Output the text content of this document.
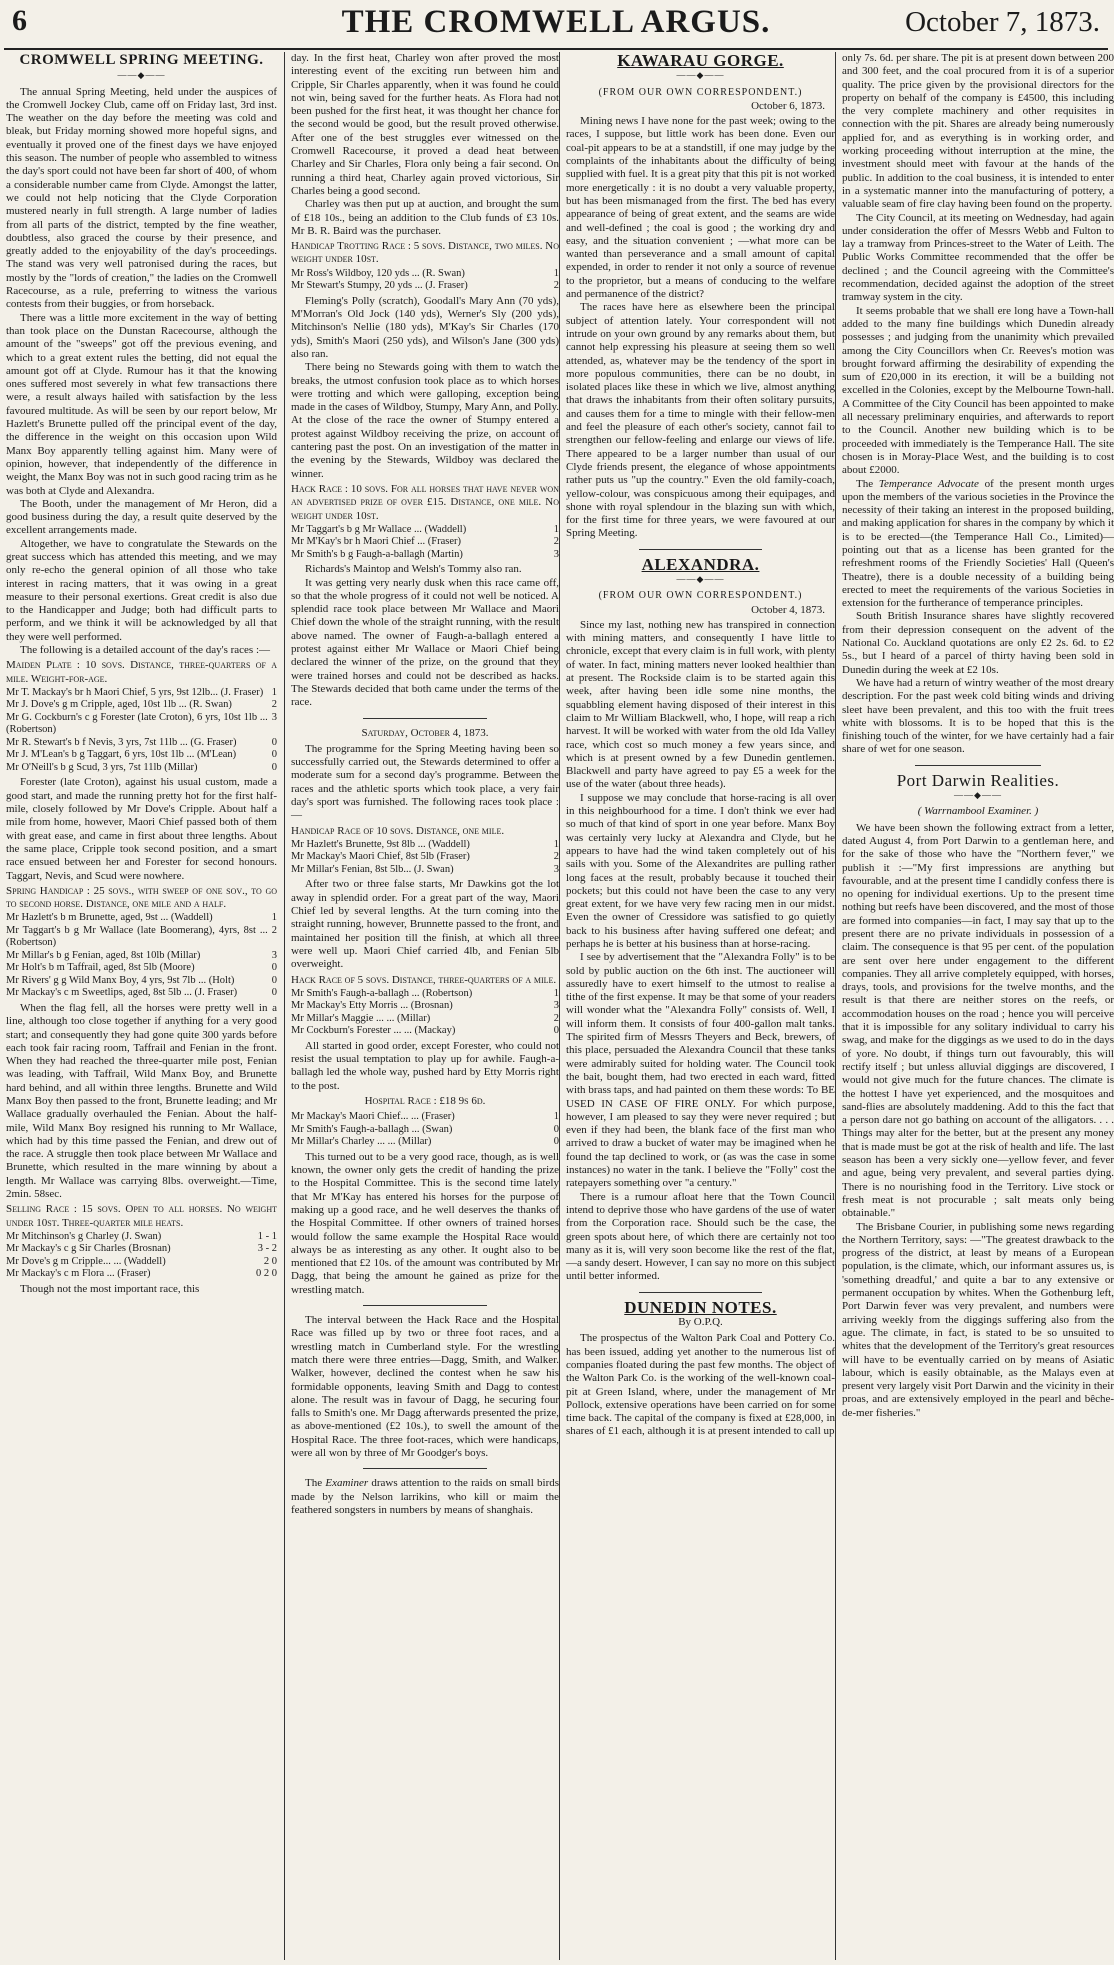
6	THE CROMWELL ARGUS.	October 7, 1873.
CROMWELL SPRING MEETING.
——◆——

The annual Spring Meeting, held under the auspices of the Cromwell Jockey Club, came off on Friday last, 3rd inst. The weather on the day before the meeting was cold and bleak, but Friday morning showed more hopeful signs, and eventually it proved one of the finest days we have enjoyed this season. The number of people who assembled to witness the day's sport could not have been far short of 400, of whom a considerable number came from Clyde. Amongst the latter, we could not help noticing that the Clyde Corporation mustered nearly in full strength. A large number of ladies from all parts of the district, tempted by the fine weather, doubtless, also graced the course by their presence, and greatly added to the enjoyability of the day's proceedings. The stand was very well patronised during the races, but mostly by the "lords of creation," the ladies on the Cromwell Racecourse, as a rule, preferring to witness the various contests from their buggies, or from horseback.

There was a little more excitement in the way of betting than took place on the Dunstan Racecourse, although the amount of the "sweeps" got off the previous evening, and which to a great extent rules the betting, did not equal the amount got off at Clyde. Rumour has it that the knowing ones suffered most severely in what few transactions there were, a result always hailed with satisfaction by the less favoured multitude. As will be seen by our report below, Mr Hazlett's Brunette pulled off the principal event of the day, the difference in the weight on this occasion upon Wild Manx Boy apparently telling against him. Many were of opinion, however, that independently of the difference in weight, the Manx Boy was not in such good racing trim as he was both at Clyde and Alexandra.

The Booth, under the management of Mr Heron, did a good business during the day, a result quite deserved by the excellent arrangements made.

Altogether, we have to congratulate the Stewards on the great success which has attended this meeting, and we may only re-echo the general opinion of all those who take interest in racing matters, that it was owing in a great measure to their personal exertions. Great credit is also due to the Handicapper and Judge; both had difficult parts to perform, and we think it will be acknowledged by all that they were well performed.

The following is a detailed account of the day's races :—

Maiden Plate : 10 sovs. Distance, three-quarters of a mile. Weight-for-age.

Mr T. Mackay's br h Maori Chief, 5 yrs, 9st 12lb... (J. Fraser) 1
Mr J. Dove's g m Cripple, aged, 10st 1lb ... (R. Swan)	2
Mr G. Cockburn's c g Forester (late Croton), 6 yrs, 10st 1lb ... (Robertson)
3
Mr R. Stewart's b f Nevis, 3 yrs, 7st 11lb ... (G. Fraser)	0
Mr J. M'Lean's b g Taggart, 6 yrs, 10st 1lb ... (M'Lean)	0
Mr O'Neill's b g Scud, 3 yrs, 7st 11lb (Millar)	0

Forester (late Croton), against his usual custom, made a good start, and made the running pretty hot for the first half-mile, closely followed by Mr Dove's Cripple. About half a mile from home, however, Maori Chief passed both of them with great ease, and came in first about three lengths. About the same place, Cripple took second position, and a smart race ensued between her and Forester for second honours. Taggart, Nevis, and Scud were nowhere.

Spring Handicap : 25 sovs., with sweep of one sov., to go to second horse. Distance, one mile and a half.

Mr Hazlett's b m Brunette, aged, 9st ... (Waddell)	1
Mr Taggart's b g Mr Wallace (late Boomerang), 4yrs, 8st ... (Robertson)
2
Mr Millar's b g Fenian, aged, 8st 10lb (Millar)	3
Mr Holt's b m Taffrail, aged, 8st 5lb (Moore)	0
Mr Rivers' g g Wild Manx Boy, 4 yrs, 9st 7lb ... (Holt)	0
Mr Mackay's c m Sweetlips, aged, 8st 5lb ... (J. Fraser)	0

When the flag fell, all the horses were pretty well in a line, although too close together if anything for a very good start; and consequently they had gone quite 300 yards before each took fair racing room, Taffrail and Fenian in the front. When they had reached the three-quarter mile post, Fenian was leading, with Taffrail, Wild Manx Boy, and Brunette hard behind, and all within three lengths. Brunette and Wild Manx Boy then passed to the front, Brunette leading; and Mr Wallace gradually overhauled the Fenian. About the half-mile, Wild Manx Boy resigned his running to Mr Wallace, which had by this time passed the Fenian, and drew out of the race. A struggle then took place between Mr Wallace and Brunette, which resulted in the mare winning by about a length. Mr Wallace was carrying 8lbs. overweight.—Time, 2min. 58sec.

Selling Race : 15 sovs. Open to all horses. No weight under 10st. Three-quarter mile heats.

Mr Mitchinson's g Charley (J. Swan)	1 - 1
Mr Mackay's c g Sir Charles (Brosnan)	3 - 2
Mr Dove's g m Cripple... ... (Waddell)	2 0
Mr Mackay's c m Flora ... (Fraser)	0 2 0

Though not the most important race, this

day. In the first heat, Charley won after proved the most interesting event of the exciting run between him and Cripple, Sir Charles apparently, when it was found he could not win, being saved for the further heats. As Flora had not been pushed for the first heat, it was thought her chance for the second would be good, but the result proved otherwise. After one of the best struggles ever witnessed on the Cromwell Racecourse, it proved a dead heat between Charley and Sir Charles, Flora only being a fair second. On running a third heat, Charley again proved victorious, Sir Charles being a good second.

Charley was then put up at auction, and brought the sum of £18 10s., being an addition to the Club funds of £3 10s. Mr B. R. Baird was the purchaser.

Handicap Trotting Race : 5 sovs. Distance, two miles. No weight under 10st.

Mr Ross's Wildboy, 120 yds ... (R. Swan)	1
Mr Stewart's Stumpy, 20 yds ... (J. Fraser)	2

Fleming's Polly (scratch), Goodall's Mary Ann (70 yds), M'Morran's Old Jock (140 yds), Werner's Sly (200 yds), Mitchinson's Nellie (180 yds), M'Kay's Sir Charles (170 yds), Smith's Maori (250 yds), and Wilson's Jane (300 yds) also ran.

There being no Stewards going with them to watch the breaks, the utmost confusion took place as to which horses were trotting and which were galloping, exception being made in the cases of Wildboy, Stumpy, Mary Ann, and Polly. At the close of the race the owner of Stumpy entered a protest against Wildboy receiving the prize, on account of cantering past the post. On an investigation of the matter in the evening by the Stewards, Wildboy was declared the winner.

Hack Race : 10 sovs. For all horses that have never won an advertised prize of over £15. Distance, one mile. No weight under 10st.

Mr Taggart's b g Mr Wallace ... (Waddell)	1
Mr M'Kay's br h Maori Chief ... (Fraser)	2
Mr Smith's b g Faugh-a-ballagh (Martin)	3

Richards's Maintop and Welsh's Tommy also ran.

It was getting very nearly dusk when this race came off, so that the whole progress of it could not well be noticed. A splendid race took place between Mr Wallace and Maori Chief down the whole of the straight running, with the result above named. The owner of Faugh-a-ballagh entered a protest against either Mr Wallace or Maori Chief being declared the winner of the prize, on the ground that they were trained horses and could not be described as hacks. The Stewards decided that both came under the terms of the race.

Saturday, October 4, 1873.

The programme for the Spring Meeting having been so successfully carried out, the Stewards determined to offer a moderate sum for a second day's programme. Between the races and the athletic sports which took place, a very fair day's sport was furnished. The following races took place :—

Handicap Race of 10 sovs. Distance, one mile.

Mr Hazlett's Brunette, 9st 8lb ... (Waddell)	1
Mr Mackay's Maori Chief, 8st 5lb (Fraser)	2
Mr Millar's Fenian, 8st 5lb... (J. Swan)	3

After two or three false starts, Mr Dawkins got the lot away in splendid order. For a great part of the way, Maori Chief led by several lengths. At the turn coming into the straight running, however, Brunnette passed to the front, and maintained her position till the finish, at which all three were well up. Maori Chief carried 4lb, and Fenian 5lb overweight.

Hack Race of 5 sovs. Distance, three-quarters of a mile.

Mr Smith's Faugh-a-ballagh ... (Robertson)	1
Mr Mackay's Etty Morris ... (Brosnan)	3
Mr Millar's Maggie ... ... (Millar)	2
Mr Cockburn's Forester ... ... (Mackay)	0

All started in good order, except Forester, who could not resist the usual temptation to play up for awhile. Faugh-a-ballagh led the whole way, pushed hard by Etty Morris right to the post.

Hospital Race : £18 9s 6d.
Mr Mackay's Maori Chief... ... (Fraser)	1
Mr Smith's Faugh-a-ballagh ... (Swan)	0
Mr Millar's Charley ... ... (Millar)	0

This turned out to be a very good race, though, as is well known, the owner only gets the credit of handing the prize to the Hospital Committee. This is the second time lately that Mr M'Kay has entered his horses for the purpose of making up a good race, and he well deserves the thanks of the Hospital Committee. If other owners of trained horses would follow the same example the Hospital Race would always be as interesting as any other. It ought also to be mentioned that £2 10s. of the amount was contributed by Mr Dagg, that being the amount he gained as prize for the wrestling match.

The interval between the Hack Race and the Hospital Race was filled up by two or three foot races, and a wrestling match in Cumberland style. For the wrestling match there were three entries—Dagg, Smith, and Walker. Walker, however, declined the contest when he saw his formidable opponents, leaving Smith and Dagg to contest alone. The result was in favour of Dagg, he securing four falls to Smith's one. Mr Dagg afterwards presented the prize, as above-mentioned (£2 10s.), to swell the amount of the Hospital Race. The three foot-races, which were handicaps, were all won by three of Mr Goodger's boys.

The Examiner draws attention to the raids on small birds made by the Nelson larrikins, who kill or maim the feathered songsters in numbers by means of shanghais.

KAWARAU GORGE.
——◆——
(FROM OUR OWN CORRESPONDENT.)
October 6, 1873.

Mining news I have none for the past week; owing to the races, I suppose, but little work has been done. Even our coal-pit appears to be at a standstill, if one may judge by the complaints of the inhabitants about the difficulty of being supplied with fuel. It is a great pity that this pit is not worked more energetically : it is no doubt a very valuable property, but has been mismanaged from the first. The bed has every appearance of being of great extent, and the seams are wide and well-defined ; the coal is good ; the working dry and easy, and the situation convenient ; —what more can be wanted than perseverance and a small amount of capital expended, in order to render it not only a source of revenue to the proprietor, but a means of conducing to the welfare and permanence of the district?

The races have here as elsewhere been the principal subject of attention lately. Your correspondent will not intrude on your own ground by any remarks about them, but cannot help expressing his pleasure at seeing them so well attended, as, whatever may be the tendency of the sport in more populous communities, there can be no doubt, in isolated places like these in which we live, almost anything that draws the inhabitants from their often solitary pursuits, and causes them for a time to mingle with their fellow-men and feel the pleasure of each other's society, cannot fail to strengthen our fellow-feeling and enlarge our views of life. There appeared to be a larger number than usual of our Clyde friends present, the elegance of whose appointments rather puts us "up the country." Even the old family-coach, yellow-colour, was conspicuous among their equipages, and shone with royal splendour in the blazing sun with which, for the first time for three years, we were favoured at our Spring Meeting.

ALEXANDRA.
——◆——
(FROM OUR OWN CORRESPONDENT.)
October 4, 1873.

Since my last, nothing new has transpired in connection with mining matters, and consequently I have little to chronicle, except that every claim is in full work, with plenty of water. In fact, mining matters never looked healthier than at present. The Rockside claim is to be started again this week, after having been idle some nine months, the squabbling element having disposed of their interest in this claim to Mr William Blackwell, who, I hope, will reap a rich harvest. It will be worked with water from the old Ida Valley race, which cost so much money a few years since, and which is at present owned by a few Dunedin gentlemen. Blackwell and party have agreed to pay £5 a week for the use of the water (about three heads).

I suppose we may conclude that horse-racing is all over in this neighbourhood for a time. I don't think we ever had so much of that kind of sport in one year before. Manx Boy was certainly very lucky at Alexandra and Clyde, but he appears to have had the wind taken completely out of his sails with you. Some of the Alexandrites are pulling rather long faces at the result, probably because it touched their pockets; but this could not have been the case to any very great extent, for we have very few racing men in our midst. Even the owner of Cressidore was satisfied to go quietly back to his business after having suffered one defeat; and perhaps he is better at his business than at horse-racing.

I see by advertisement that the "Alexandra Folly" is to be sold by public auction on the 6th inst. The auctioneer will assuredly have to exert himself to the utmost to realise a tithe of the first expense. It may be that some of your readers will wonder what the "Alexandra Folly" consists of. Well, I will inform them. It consists of four 400-gallon malt tanks. The spirited firm of Messrs Theyers and Beck, brewers, of this place, persuaded the Alexandra Council that these tanks were admirably suited for holding water. The Council took the bait, bought them, had two erected in each ward, fitted with brass taps, and had painted on them these words: To BE USED IN CASE OF FIRE ONLY. For which purpose, however, I am pleased to say they were never required ; but even if they had been, the blank face of the first man who arrived to draw a bucket of water may be imagined when he found the tap declined to work, or (as was the case in some instances) no water in the tank. I believe the "Folly" cost the ratepayers something over "a century."

There is a rumour afloat here that the Town Council intend to deprive those who have gardens of the use of water from the Corporation race. Should such be the case, the green spots about here, of which there are certainly not too many as it is, will very soon become like the rest of the flat,—a sandy desert. However, I can say no more on this subject until better informed.

DUNEDIN NOTES.
By O.P.Q.

The prospectus of the Walton Park Coal and Pottery Co. has been issued, adding yet another to the numerous list of companies floated during the past few months. The object of the Walton Park Co. is the working of the well-known coal-pit at Green Island, where, under the management of Mr Pollock, extensive operations have been carried on for some time back. The capital of the company is fixed at £28,000, in shares of £1 each, although it is at present intended to call up

only 7s. 6d. per share. The pit is at present down between 200 and 300 feet, and the coal procured from it is of a superior quality. The price given by the provisional directors for the property on behalf of the company is £4500, this including the very complete machinery and other requisites in connection with the pit. Shares are already being numerously applied for, and as everything is in working order, and working proceeding without interruption at the mine, the investment should meet with favour at the hands of the public. In addition to the coal business, it is intended to enter in a systematic manner into the manufacturing of pottery, a valuable seam of fire clay having been found on the property.

The City Council, at its meeting on Wednesday, had again under consideration the offer of Messrs Webb and Fulton to lay a tramway from Princes-street to the Water of Leith. The Public Works Committee recommended that the offer be declined ; and the Council agreeing with the Committee's recommendation, decided against the adoption of the street tramway system in the city.

It seems probable that we shall ere long have a Town-hall added to the many fine buildings which Dunedin already possesses ; and judging from the unanimity which prevailed among the City Councillors when Cr. Reeves's motion was brought forward affirming the desirability of expending the sum of £20,000 in its erection, it will be a building not excelled in the Colonies, except by the Melbourne Town-hall. A Committee of the City Council has been appointed to make all necessary preliminary enquiries, and afterwards to report to the Council. Another new building which is to be proceeded with immediately is the Temperance Hall. The site chosen is in Moray-Place West, and the building is to cost about £2000.

The Temperance Advocate of the present month urges upon the members of the various societies in the Province the necessity of their taking an interest in the proposed building, and making application for shares in the company by which it is to be erected—(the Temperance Hall Co., Limited)—pointing out that as a license has been granted for the refreshment rooms of the Friendly Societies' Hall (Queen's Theatre), there is a double necessity of a building being erected to meet the requirements of the various Societies in extension for the furtherance of temperance principles.

South British Insurance shares have slightly recovered from their depression consequent on the advent of the National Co. Auckland quotations are only £2 2s. 6d. to £2 5s., but I heard of a parcel of thirty having been sold in Dunedin during the week at £2 10s.

We have had a return of wintry weather of the most dreary description. For the past week cold biting winds and driving sleet have been prevalent, and this too with the fruit trees white with blossoms. It is to be hoped that this is the finishing touch of the winter, for we have certainly had a fair share of wet for one season.

Port Darwin Realities.
——◆——
( Warrnambool Examiner. )

We have been shown the following extract from a letter, dated August 4, from Port Darwin to a gentleman here, and for the sake of those who have the "Northern fever," we publish it :—"My first impressions are anything but favourable, and at the present time I candidly confess there is no opening for individual exertions. Up to the present time nothing but reefs have been discovered, and the most of those are formed into companies—in fact, I may say that up to the present there are no private individuals in possession of a claim. The consequence is that 95 per cent. of the population are sent over here under engagement to the different companies. They all arrive completely equipped, with horses, drays, tools, and provisions for the twelve months, and the result is that there are neither stores on the reefs, or accommodation houses on the road ; hence you will perceive that it is impossible for any solitary individual to carry his swag, and make for the diggings as we used to do in the days of yore. No doubt, if things turn out favourably, this will rectify itself ; but unless alluvial diggings are discovered, I would not give much for the future chances. The climate is the hottest I have yet experienced, and the mosquitoes and sand-flies are absolutely maddening. Add to this the fact that a person dare not go bathing on account of the alligators. . . . Things may alter for the better, but at the present any money that is made must be got at the risk of health and life. The last season has been a very sickly one—yellow fever, and fever and ague, being very prevalent, and several parties dying. There is no nourishing food in the Territory. Live stock or fresh meat is not procurable ; salt meats only being obtainable."

The Brisbane Courier, in publishing some news regarding the Northern Territory, says: —"The greatest drawback to the progress of the district, at least by means of a European population, is the climate, which, our informant assures us, is 'something dreadful,' and quite a bar to any extensive or permanent occupation by whites. When the Gothenburg left, Port Darwin fever was very prevalent, and numbers were arriving weekly from the diggings suffering also from the ague. The climate, in fact, is stated to be so unsuited to whites that the development of the Territory's great resources will have to be eventually carried on by means of Asiatic labour, which is easily obtainable, as the Malays even at present very largely visit Port Darwin and the vicinity in their proas, and are extensively employed in the pearl and bêche-de-mer fisheries."
